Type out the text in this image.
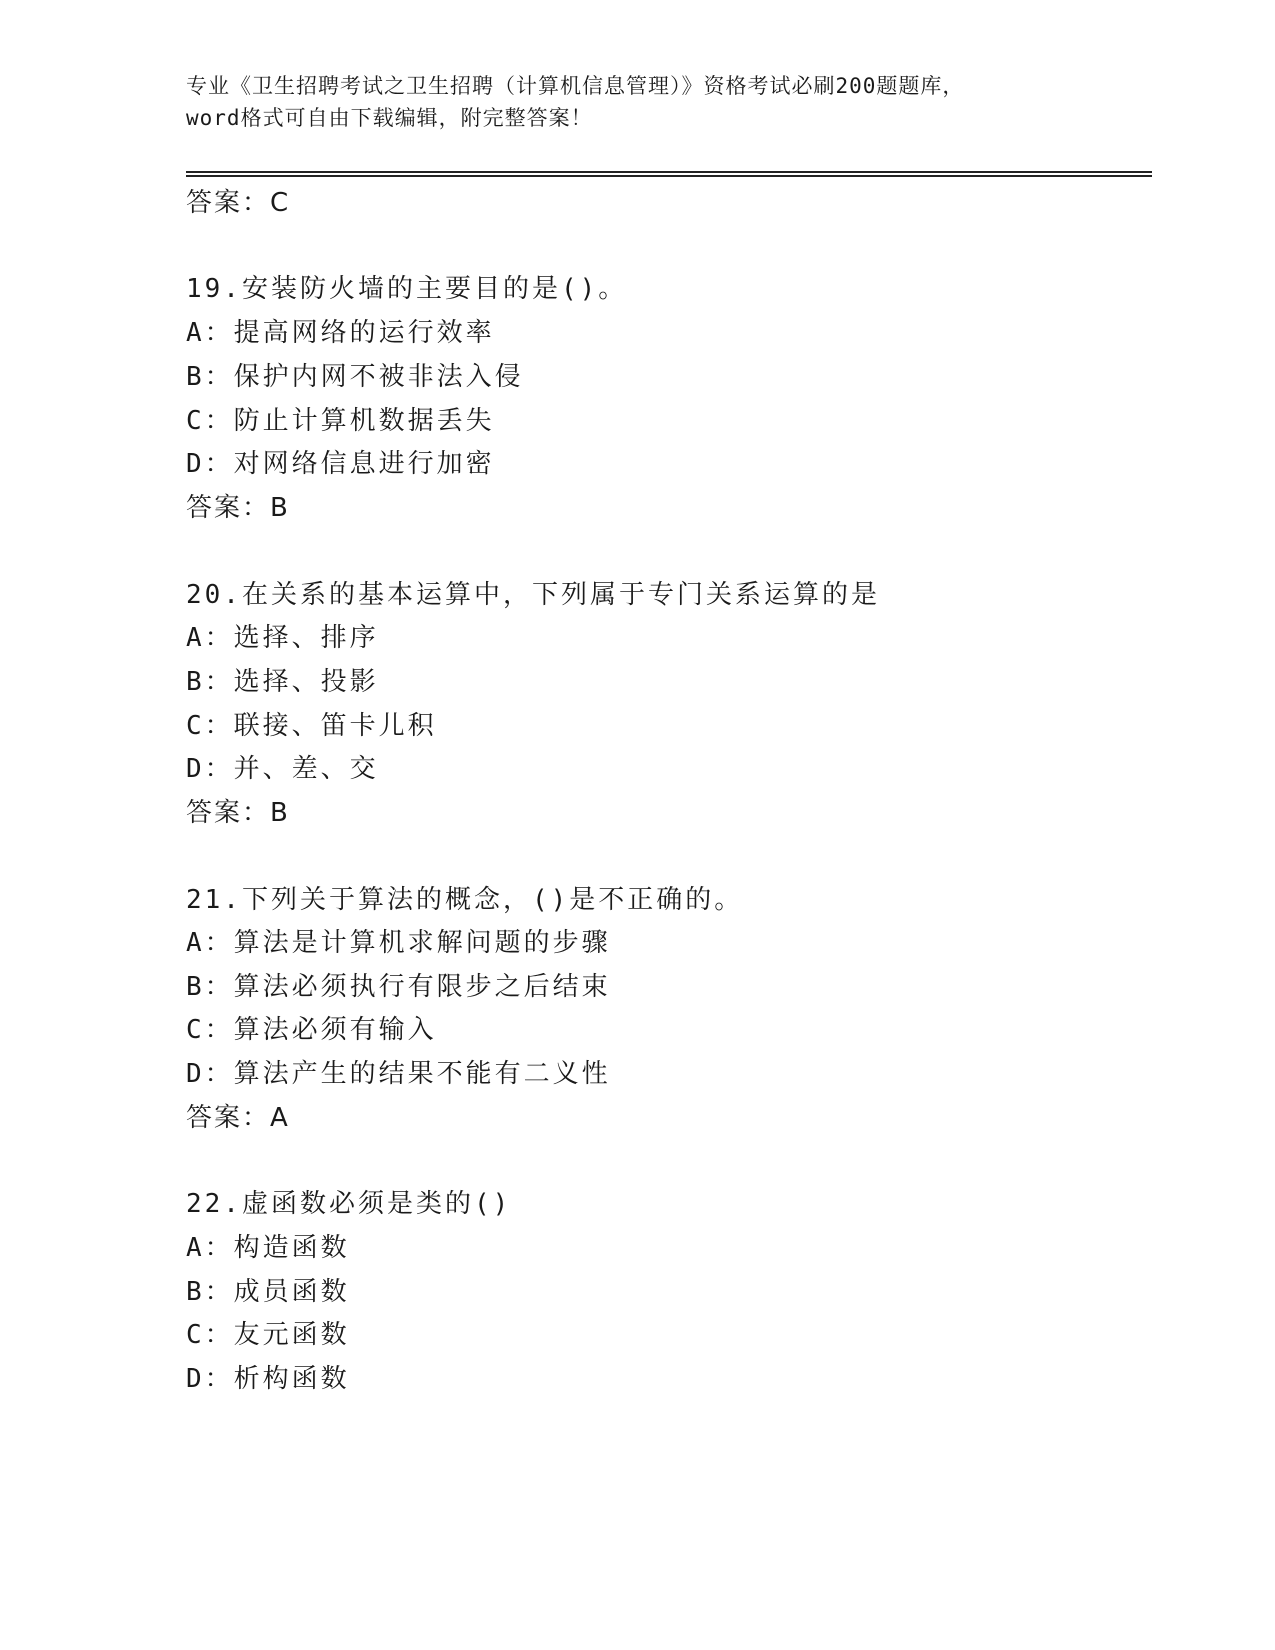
专业《卫生招聘考试之卫生招聘（计算机信息管理）》资格考试必刷200题题库，
word格式可自由下载编辑，附完整答案！
答案：C
19.安装防火墙的主要目的是()。
A：提高网络的运行效率
B：保护内网不被非法入侵
C：防止计算机数据丢失
D：对网络信息进行加密
答案：B
20.在关系的基本运算中，下列属于专门关系运算的是
A：选择、排序
B：选择、投影
C：联接、笛卡儿积
D：并、差、交
答案：B
21.下列关于算法的概念，()是不正确的。
A：算法是计算机求解问题的步骤
B：算法必须执行有限步之后结束
C：算法必须有输入
D：算法产生的结果不能有二义性
答案：A
22.虚函数必须是类的()
A：构造函数
B：成员函数
C：友元函数
D：析构函数
